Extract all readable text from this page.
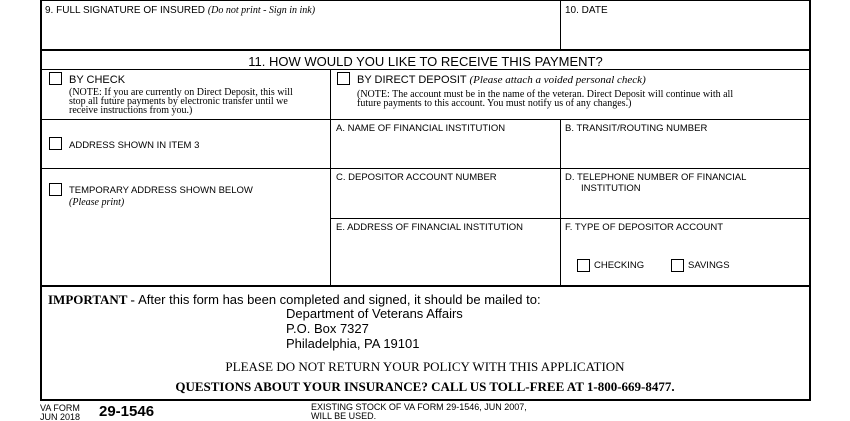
9. FULL SIGNATURE OF INSURED (Do not print - Sign in ink)	10. DATE
11. HOW WOULD YOU LIKE TO RECEIVE THIS PAYMENT?
BY CHECK
(NOTE: If you are currently on Direct Deposit, this will
stop all future payments by electronic transfer until we
receive instructions from you.)
BY DIRECT DEPOSIT (Please attach a voided personal check)
(NOTE: The account must be in the name of the veteran. Direct Deposit will continue with all
future payments to this account. You must notify us of any changes.)
ADDRESS SHOWN IN ITEM 3
TEMPORARY ADDRESS SHOWN BELOW
(Please print)
A. NAME OF FINANCIAL INSTITUTION	B. TRANSIT/ROUTING NUMBER
C. DEPOSITOR ACCOUNT NUMBER	D. TELEPHONE NUMBER OF FINANCIAL
INSTITUTION
E. ADDRESS OF FINANCIAL INSTITUTION	F. TYPE OF DEPOSITOR ACCOUNT
CHECKING	SAVINGS
IMPORTANT - After this form has been completed and signed, it should be mailed to:
Department of Veterans Affairs
P.O. Box 7327
Philadelphia, PA 19101
PLEASE DO NOT RETURN YOUR POLICY WITH THIS APPLICATION
QUESTIONS ABOUT YOUR INSURANCE? CALL US TOLL-FREE AT 1-800-669-8477.
VA FORM
JUN 2018 29-1546	EXISTING STOCK OF VA FORM 29-1546, JUN 2007,
WILL BE USED.
